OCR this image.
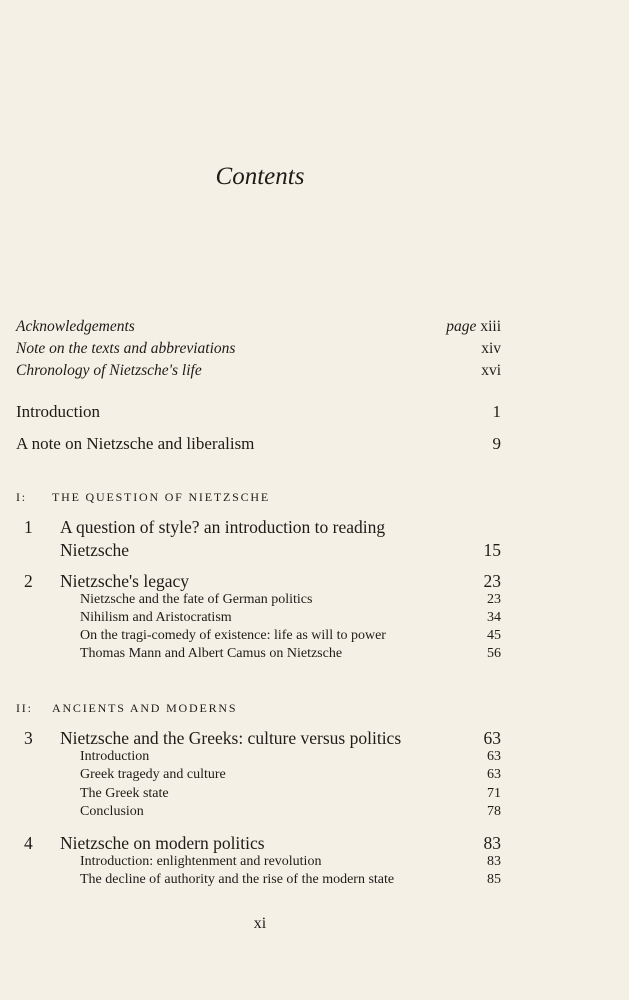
Contents
Acknowledgements	page xiii
Note on the texts and abbreviations	xiv
Chronology of Nietzsche's life	xvi
Introduction	1
A note on Nietzsche and liberalism	9
I: THE QUESTION OF NIETZSCHE
1 A question of style? an introduction to reading
Nietzsche	15
2 Nietzsche's legacy	23
Nietzsche and the fate of German politics	23
Nihilism and Aristocratism	34
On the tragi-comedy of existence: life as will to power	45
Thomas Mann and Albert Camus on Nietzsche	56
II: ANCIENTS AND MODERNS
3 Nietzsche and the Greeks: culture versus politics	63
Introduction	63
Greek tragedy and culture	63
The Greek state	71
Conclusion	78
4 Nietzsche on modern politics	83
Introduction: enlightenment and revolution	83
The decline of authority and the rise of the modern state	85
xi
